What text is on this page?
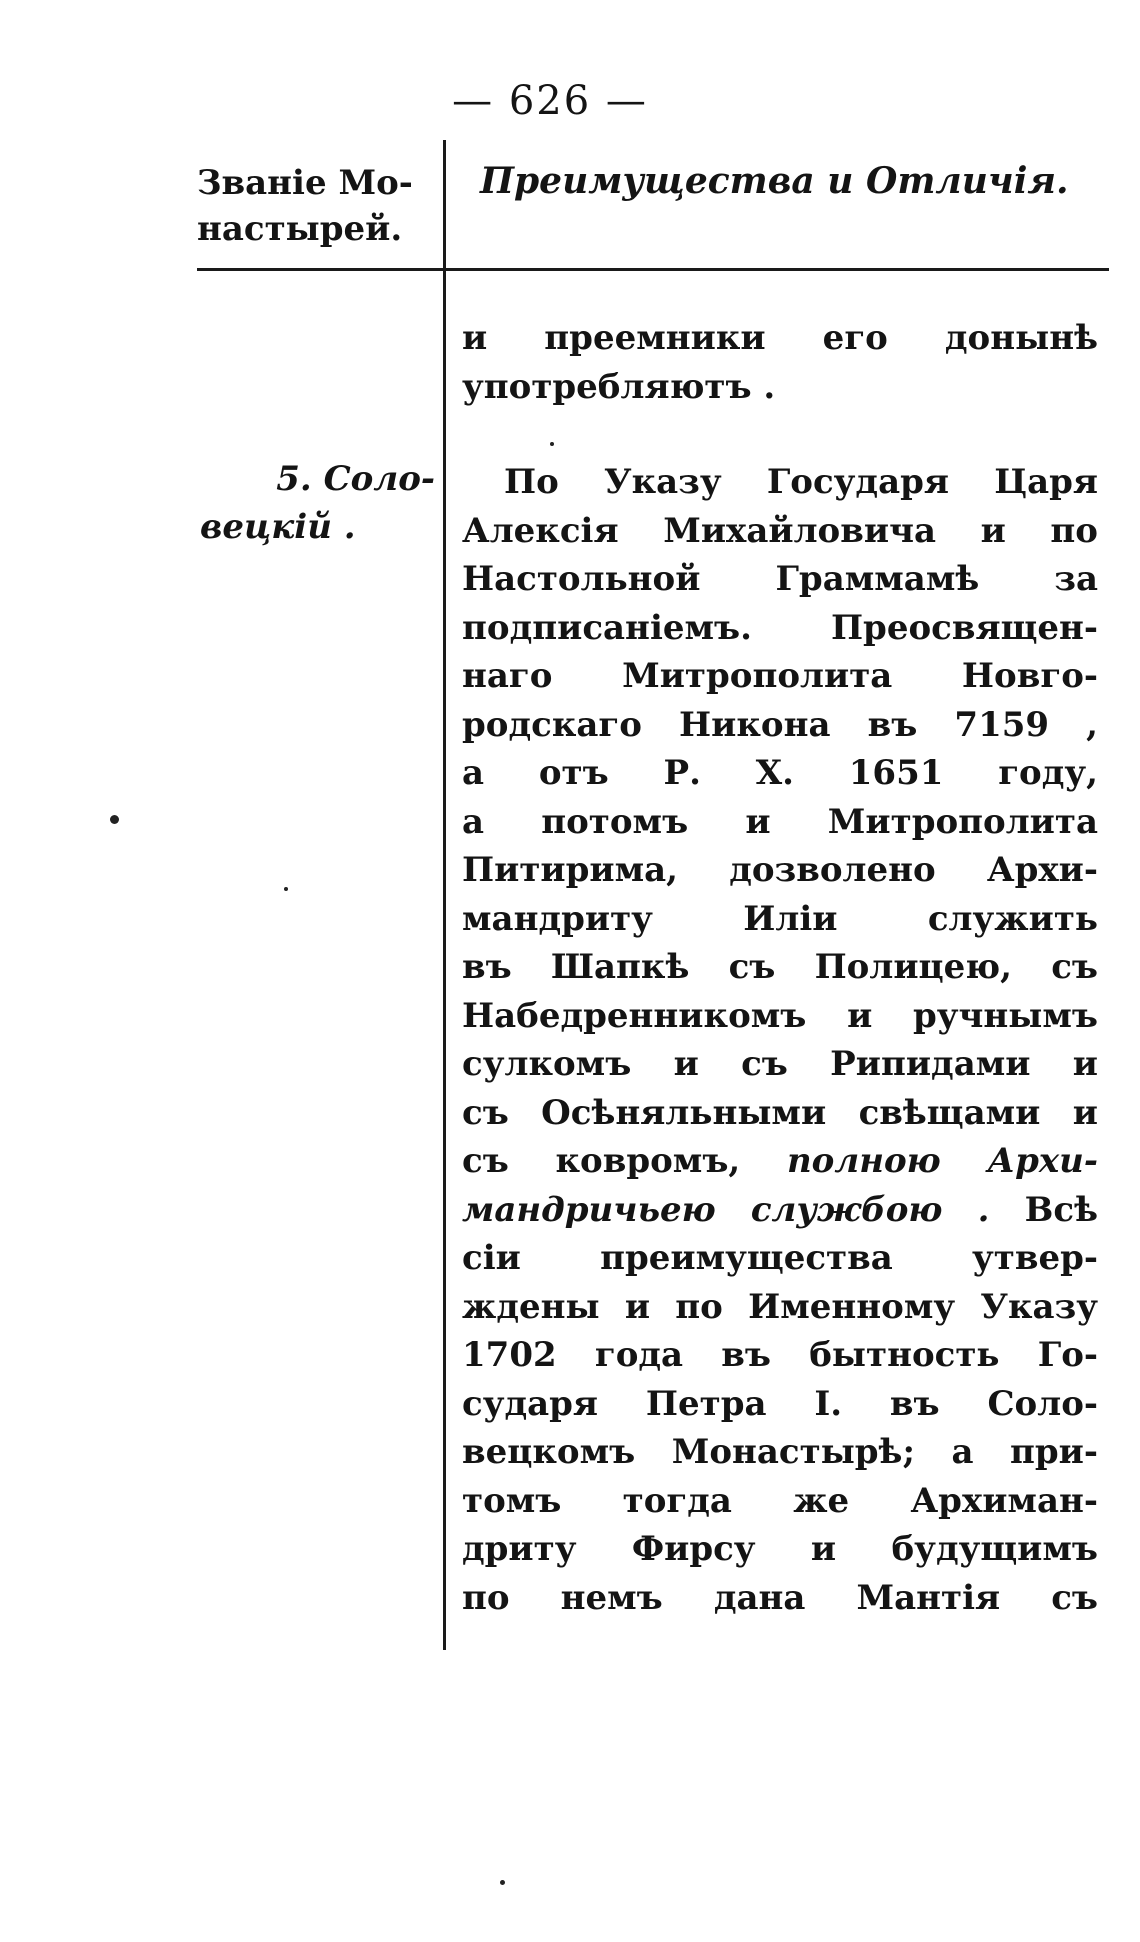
— 626 —
Званіе Мо-
настырей.
Преимущества и Отличія.
и преемники его донынѣ
употребляютъ .
5. Соло-
вецкій .
По Указу Государя Царя
Алексія Михайловича и по
Настольной Граммамѣ за
подписаніемъ. Преосвящен-
наго Митрополита Новго-
родскаго Никона въ 7159 ,
а отъ Р. Х. 1651 году,
а потомъ и Митрополита
Питирима, дозволено Архи-
мандриту Иліи служить
въ Шапкѣ съ Полицею, съ
Набедренникомъ и ручнымъ
сулкомъ и съ Рипидами и
съ Осѣняльными свѣщами и
съ ковромъ, полною Архи-
мандричьею службою . Всѣ
сіи преимущества утвер-
ждены и по Именному Указу
1702 года въ бытность Го-
сударя Петра I. въ Соло-
вецкомъ Монастырѣ; а при-
томъ тогда же Архиман-
дриту Фирсу и будущимъ
по немъ дана Мантія съ
